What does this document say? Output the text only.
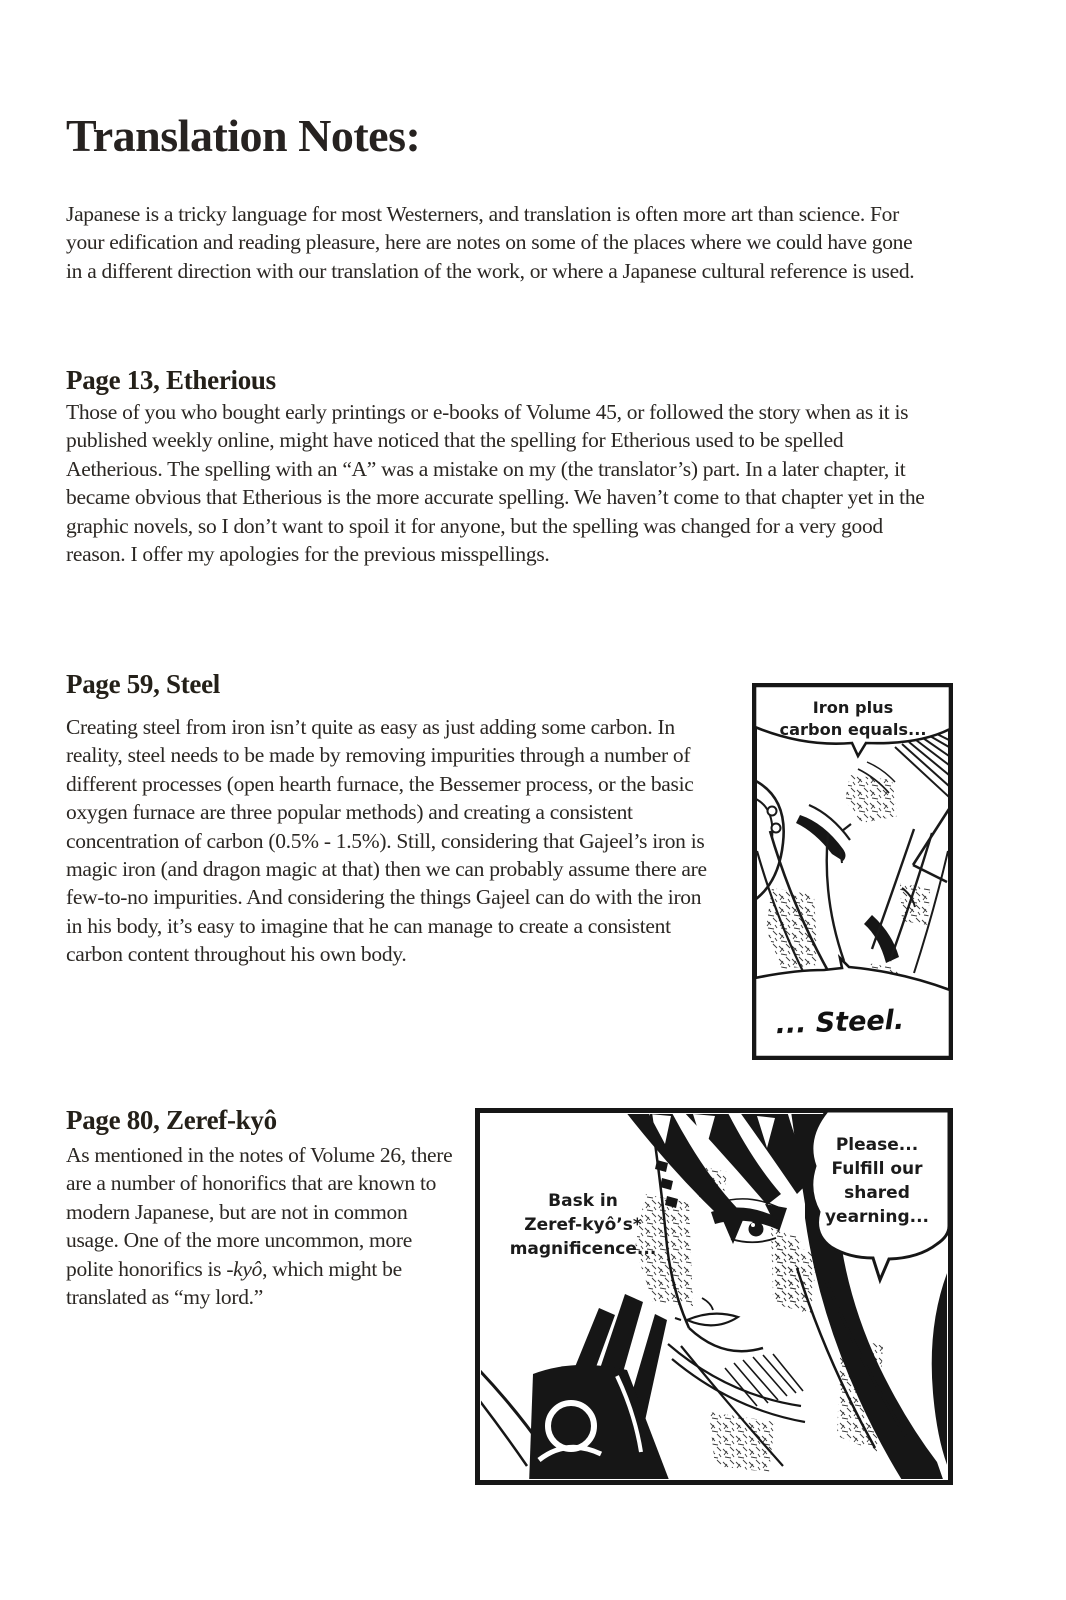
Translation Notes:

Japanese is a tricky language for most Westerners, and translation is often more art than science. For your edification and reading pleasure, here are notes on some of the places where we could have gone in a different direction with our translation of the work, or where a Japanese cultural reference is used.

Page 13, Etherious

Those of you who bought early printings or e-books of Volume 45, or followed the story when as it is published weekly online, might have noticed that the spelling for Etherious used to be spelled Aetherious. The spelling with an “A” was a mistake on my (the translator’s) part. In a later chapter, it became obvious that Etherious is the more accurate spelling. We haven’t come to that chapter yet in the graphic novels, so I don’t want to spoil it for anyone, but the spelling was changed for a very good reason. I offer my apologies for the previous misspellings.

Page 59, Steel

Creating steel from iron isn’t quite as easy as just adding some carbon. In reality, steel needs to be made by removing impurities through a number of different processes (open hearth furnace, the Bessemer process, or the basic oxygen furnace are three popular methods) and creating a consistent concentration of carbon (0.5% - 1.5%). Still, considering that Gajeel’s iron is magic iron (and dragon magic at that) then we can probably assume there are few-to-no impurities. And considering the things Gajeel can do with the iron in his body, it’s easy to imagine that he can manage to create a consistent carbon content throughout his own body.

Iron plus
carbon equals...
... Steel.
Page 80, Zeref-kyô

As mentioned in the notes of Volume 26, there are a number of honorifics that are known to modern Japanese, but are not in common usage. One of the more uncommon, more polite honorifics is -kyô, which might be translated as “my lord.”

Please...
Fulfill our
shared
yearning...
Bask in
Zeref-kyô’s*
magnificence...
